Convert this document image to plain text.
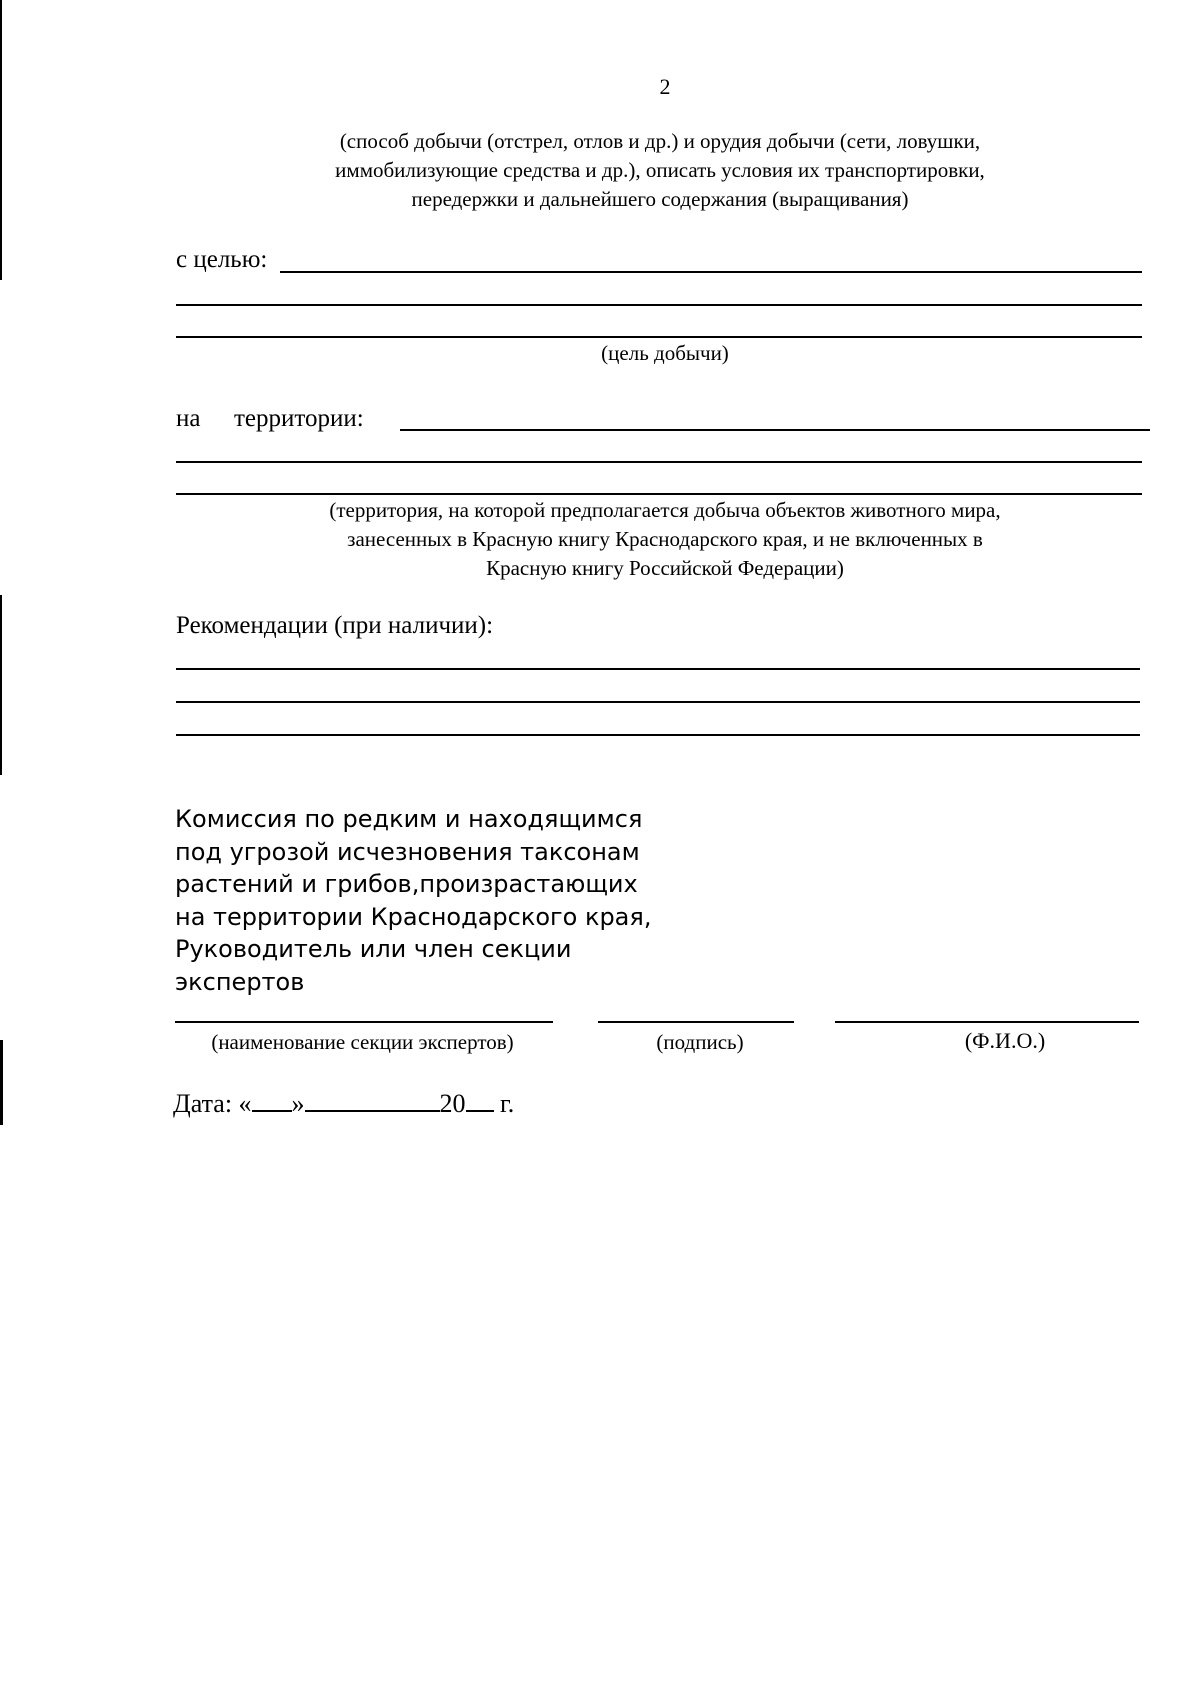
2
(способ добычи (отстрел, отлов и др.) и орудия добычи (сети, ловушки,
иммобилизующие средства и др.), описать условия их транспортировки,
передержки и дальнейшего содержания (выращивания)
с целью:
(цель добычи)
на территории:
(территория, на которой предполагается добыча объектов животного мира,
занесенных в Красную книгу Краснодарского края, и не включенных в
Красную книгу Российской Федерации)
Рекомендации (при наличии):
Комиссия по редким и находящимся
под угрозой исчезновения таксонам
растений и грибов,произрастающих
на территории Краснодарского края,
Руководитель или член секции
экспертов
(наименование секции экспертов)	(подпись)	(Ф.И.О.)
Дата: « »	20 г.
